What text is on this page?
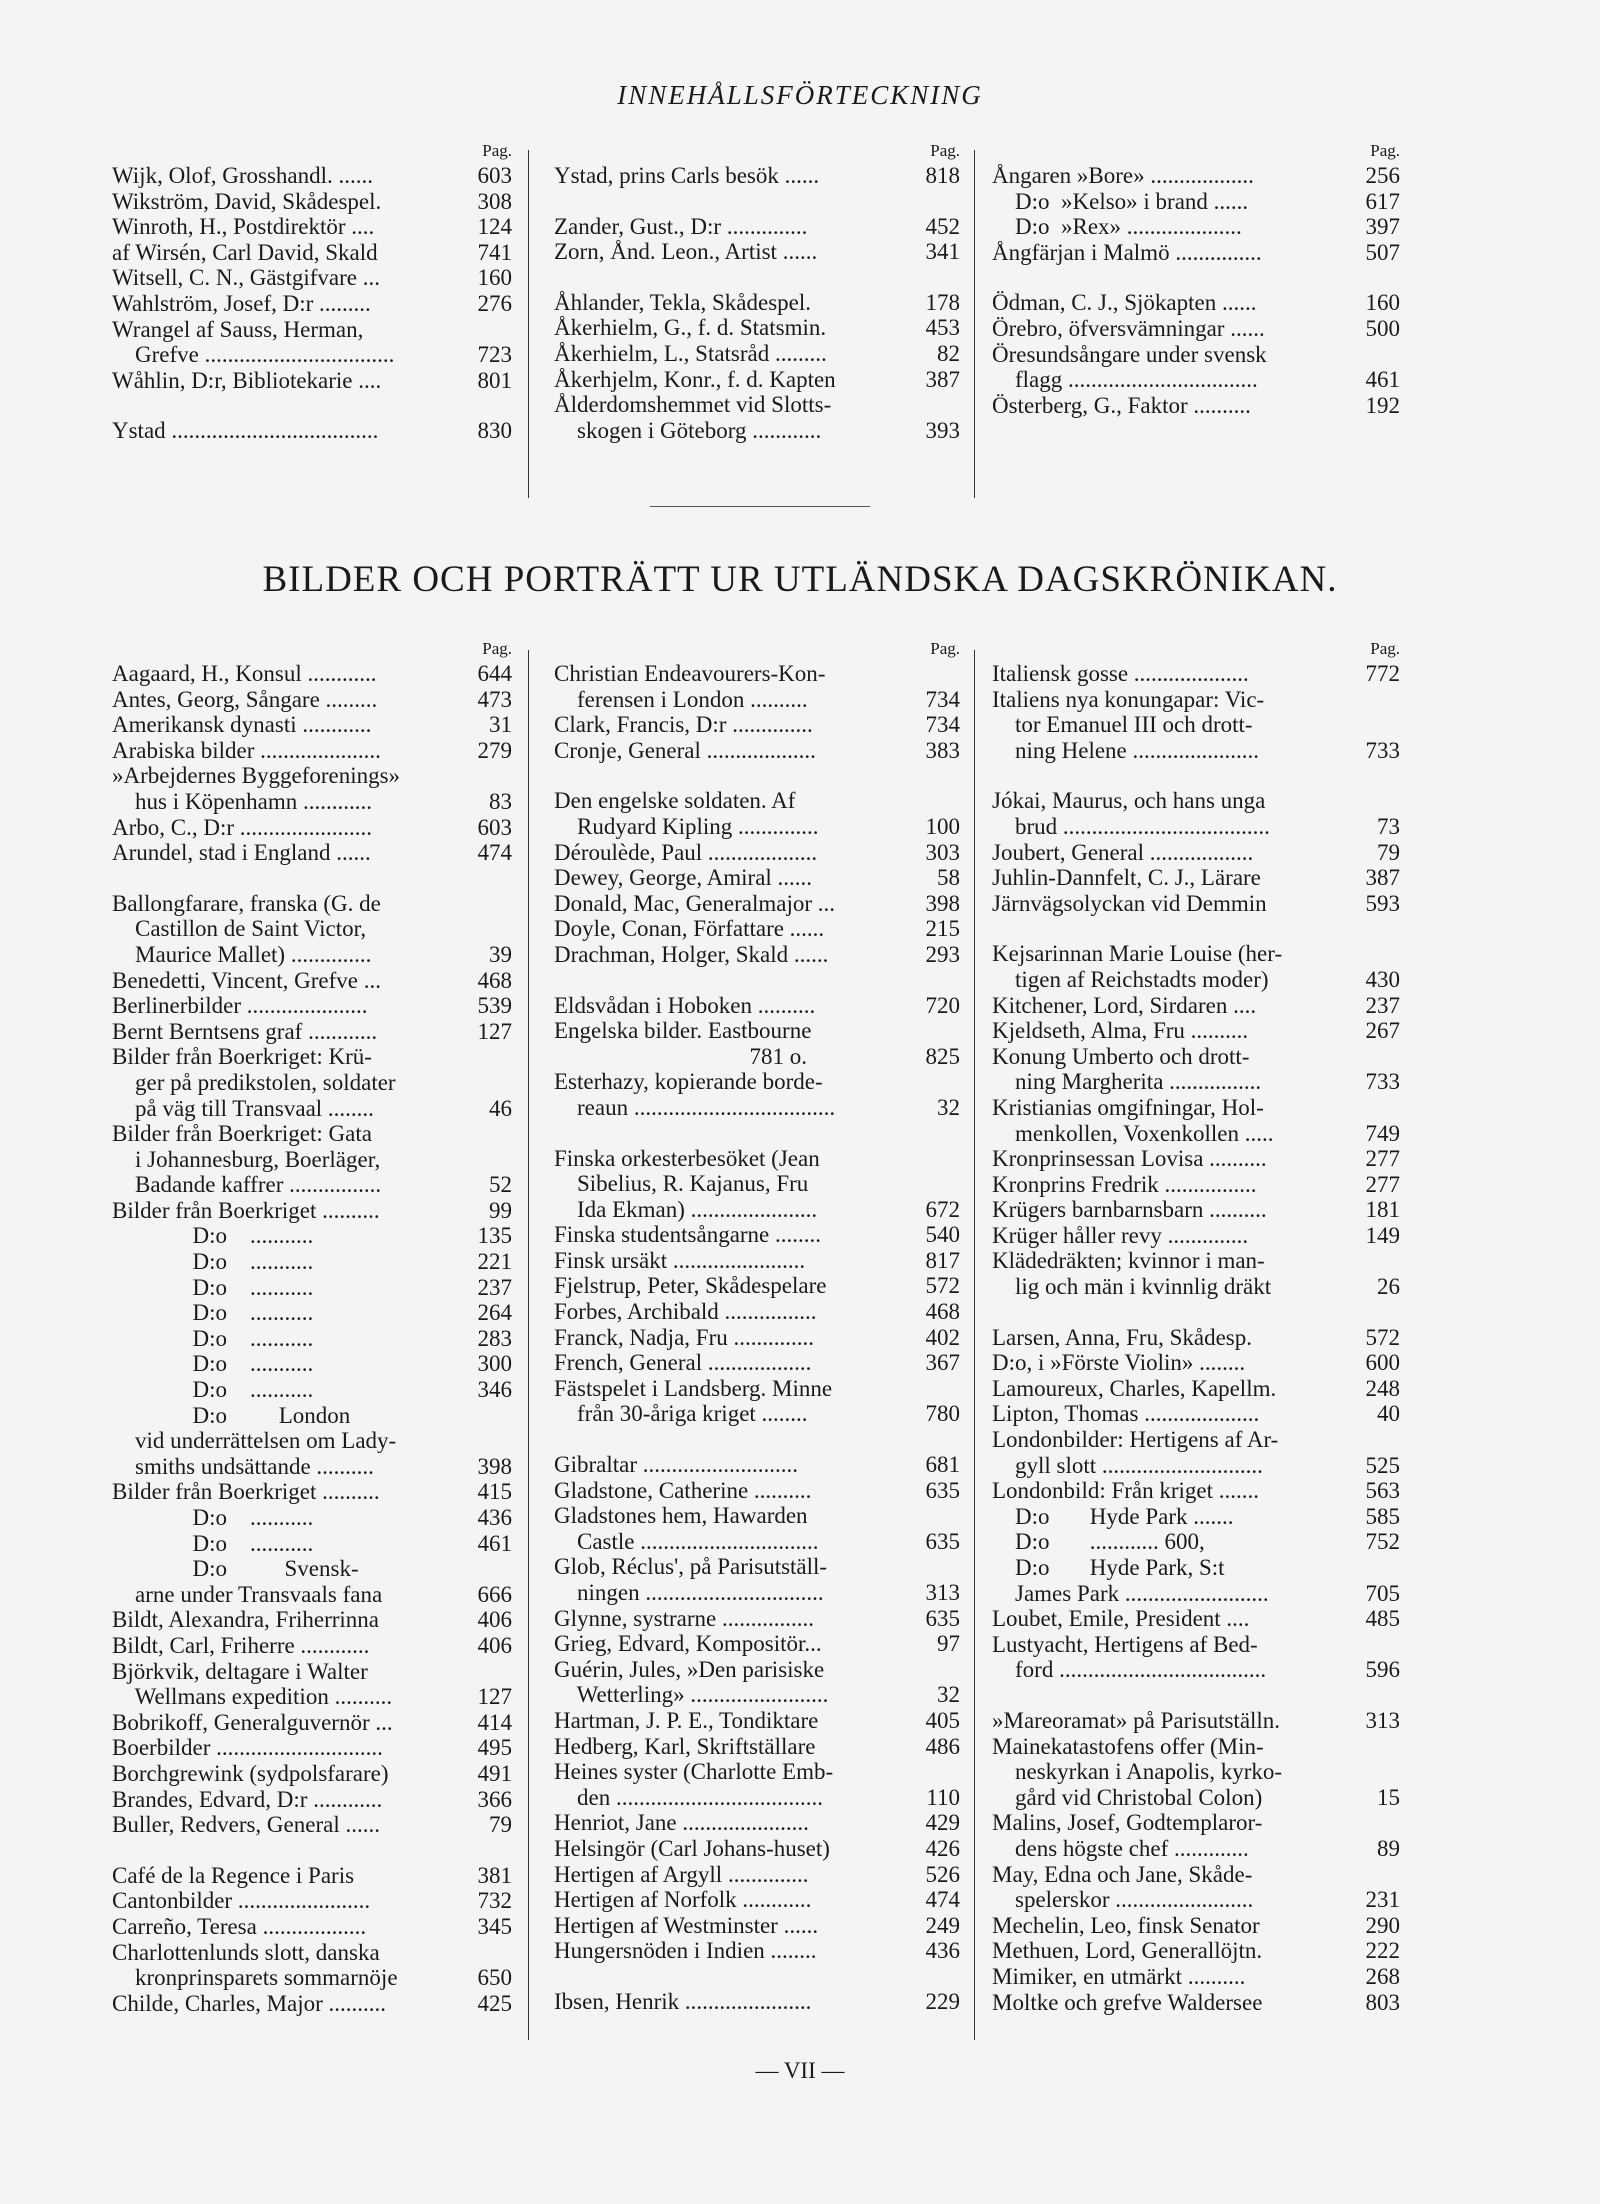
INNEHÅLLSFÖRTECKNING
Pag.
Wijk, Olof, Grosshandl. ......	603
Wikström, David, Skådespel.	308
Winroth, H., Postdirektör ....	124
af Wirsén, Carl David, Skald	741
Witsell, C. N., Gästgifvare ...	160
Wahlström, Josef, D:r .........	276
Wrangel af Sauss, Herman,
Grefve .................................	723
Wåhlin, D:r, Bibliotekarie ....	801
Ystad ....................................	830
Pag.
Ystad, prins Carls besök ......	818
Zander, Gust., D:r ..............	452
Zorn, Ånd. Leon., Artist ......	341
Åhlander, Tekla, Skådespel.	178
Åkerhielm, G., f. d. Statsmin.	453
Åkerhielm, L., Statsråd .........	82
Åkerhjelm, Konr., f. d. Kapten	387
Ålderdomshemmet vid Slotts-
skogen i Göteborg ............	393
Pag.
Ångaren »Bore» ..................	256
D:o  »Kelso» i brand ......	617
D:o  »Rex» ....................	397
Ångfärjan i Malmö ...............	507
Ödman, C. J., Sjökapten ......	160
Örebro, öfversvämningar ......	500
Öresundsångare under svensk
flagg .................................	461
Österberg, G., Faktor ..........	192
BILDER OCH PORTRÄTT UR UTLÄNDSKA DAGSKRÖNIKAN.
Pag.
Aagaard, H., Konsul ............	644
Antes, Georg, Sångare .........	473
Amerikansk dynasti ............	31
Arabiska bilder .....................	279
»Arbejdernes Byggeforenings»
hus i Köpenhamn ............	83
Arbo, C., D:r .......................	603
Arundel, stad i England ......	474
Ballongfarare, franska (G. de
Castillon de Saint Victor,
Maurice Mallet) ..............	39
Benedetti, Vincent, Grefve ...	468
Berlinerbilder .....................	539
Bernt Berntsens graf ............	127
Bilder från Boerkriget: Krü-
ger på predikstolen, soldater
på väg till Transvaal ........	46
Bilder från Boerkriget: Gata
i Johannesburg, Boerläger,
Badande kaffrer ................	52
Bilder från Boerkriget ..........	99
D:o    ...........	135
D:o    ...........	221
D:o    ...........	237
D:o    ...........	264
D:o    ...........	283
D:o    ...........	300
D:o    ...........	346
D:o         London
vid underrättelsen om Lady-
smiths undsättande ..........	398
Bilder från Boerkriget ..........	415
D:o    ...........	436
D:o    ...........	461
D:o          Svensk-
arne under Transvaals fana	666
Bildt, Alexandra, Friherrinna	406
Bildt, Carl, Friherre ............	406
Björkvik, deltagare i Walter
Wellmans expedition ..........	127
Bobrikoff, Generalguvernör ...	414
Boerbilder .............................	495
Borchgrewink (sydpolsfarare)	491
Brandes, Edvard, D:r ............	366
Buller, Redvers, General ......	79
Café de la Regence i Paris	381
Cantonbilder .......................	732
Carreño, Teresa ..................	345
Charlottenlunds slott, danska
kronprinsparets sommarnöje	650
Childe, Charles, Major ..........	425
Pag.
Christian Endeavourers-Kon-
ferensen i London ..........	734
Clark, Francis, D:r ..............	734
Cronje, General ...................	383
Den engelske soldaten. Af
Rudyard Kipling ..............	100
Déroulède, Paul ...................	303
Dewey, George, Amiral ......	58
Donald, Mac, Generalmajor ...	398
Doyle, Conan, Författare ......	215
Drachman, Holger, Skald ......	293
Eldsvådan i Hoboken ..........	720
Engelska bilder. Eastbourne
781 o.	825
Esterhazy, kopierande borde-
reaun ...................................	32
Finska orkesterbesöket (Jean
Sibelius, R. Kajanus, Fru
Ida Ekman) ......................	672
Finska studentsångarne ........	540
Finsk ursäkt .......................	817
Fjelstrup, Peter, Skådespelare	572
Forbes, Archibald ................	468
Franck, Nadja, Fru ..............	402
French, General ..................	367
Fästspelet i Landsberg. Minne
från 30-åriga kriget ........	780
Gibraltar ...........................	681
Gladstone, Catherine ..........	635
Gladstones hem, Hawarden
Castle ...............................	635
Glob, Réclus', på Parisutställ-
ningen ...............................	313
Glynne, systrarne ................	635
Grieg, Edvard, Kompositör...	97
Guérin, Jules, »Den parisiske
Wetterling» ........................	32
Hartman, J. P. E., Tondiktare	405
Hedberg, Karl, Skriftställare	486
Heines syster (Charlotte Emb-
den ....................................	110
Henriot, Jane ......................	429
Helsingör (Carl Johans-huset)	426
Hertigen af Argyll ..............	526
Hertigen af Norfolk ............	474
Hertigen af Westminster ......	249
Hungersnöden i Indien ........	436
Ibsen, Henrik ......................	229
Pag.
Italiensk gosse ....................	772
Italiens nya konungapar: Vic-
tor Emanuel III och drott-
ning Helene ......................	733
Jókai, Maurus, och hans unga
brud ....................................	73
Joubert, General ..................	79
Juhlin-Dannfelt, C. J., Lärare	387
Järnvägsolyckan vid Demmin	593
Kejsarinnan Marie Louise (her-
tigen af Reichstadts moder)	430
Kitchener, Lord, Sirdaren ....	237
Kjeldseth, Alma, Fru ..........	267
Konung Umberto och drott-
ning Margherita ................	733
Kristianias omgifningar, Hol-
menkollen, Voxenkollen .....	749
Kronprinsessan Lovisa ..........	277
Kronprins Fredrik ................	277
Krügers barnbarnsbarn ..........	181
Krüger håller revy ..............	149
Klädedräkten; kvinnor i man-
lig och män i kvinnlig dräkt	26
Larsen, Anna, Fru, Skådesp.	572
D:o, i »Förste Violin» ........	600
Lamoureux, Charles, Kapellm.	248
Lipton, Thomas ....................	40
Londonbilder: Hertigens af Ar-
gyll slott ............................	525
Londonbild: Från kriget .......	563
D:o       Hyde Park .......	585
D:o       ............ 600,	752
D:o       Hyde Park, S:t
James Park .........................	705
Loubet, Emile, President ....	485
Lustyacht, Hertigens af Bed-
ford ....................................	596
»Mareoramat» på Parisutställn.	313
Mainekatastofens offer (Min-
neskyrkan i Anapolis, kyrko-
gård vid Christobal Colon)	15
Malins, Josef, Godtemplaror-
dens högste chef .............	89
May, Edna och Jane, Skåde-
spelerskor ........................	231
Mechelin, Leo, finsk Senator	290
Methuen, Lord, Generallöjtn.	222
Mimiker, en utmärkt ..........	268
Moltke och grefve Waldersee	803
— VII —
